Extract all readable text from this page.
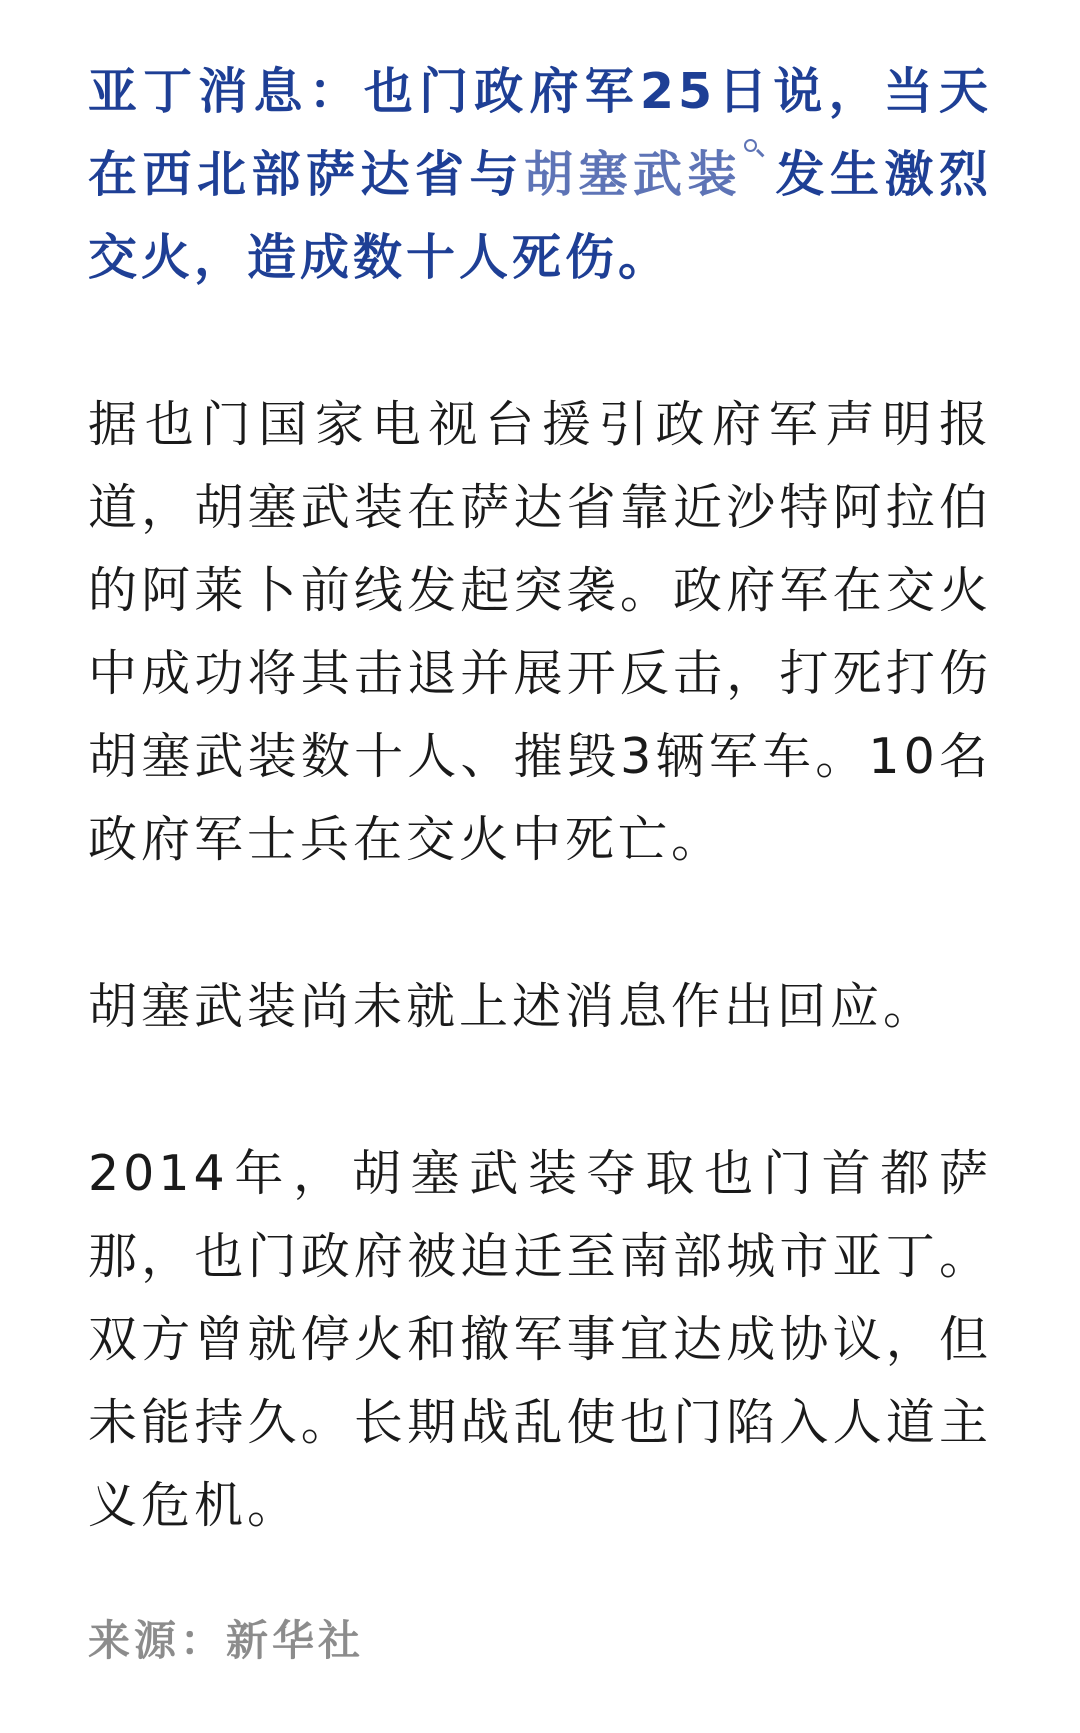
亚丁消息：也门政府军25日说，当天在西北部萨达省与胡塞武装 发生激烈交火，造成数十人死伤。

据也门国家电视台援引政府军声明报道，胡塞武装在萨达省靠近沙特阿拉伯的阿莱卜前线发起突袭。政府军在交火中成功将其击退并展开反击，打死打伤胡塞武装数十人、摧毁3辆军车。10名政府军士兵在交火中死亡。

胡塞武装尚未就上述消息作出回应。

2014年，胡塞武装夺取也门首都萨那，也门政府被迫迁至南部城市亚丁。双方曾就停火和撤军事宜达成协议，但未能持久。长期战乱使也门陷入人道主义危机。

来源：新华社
